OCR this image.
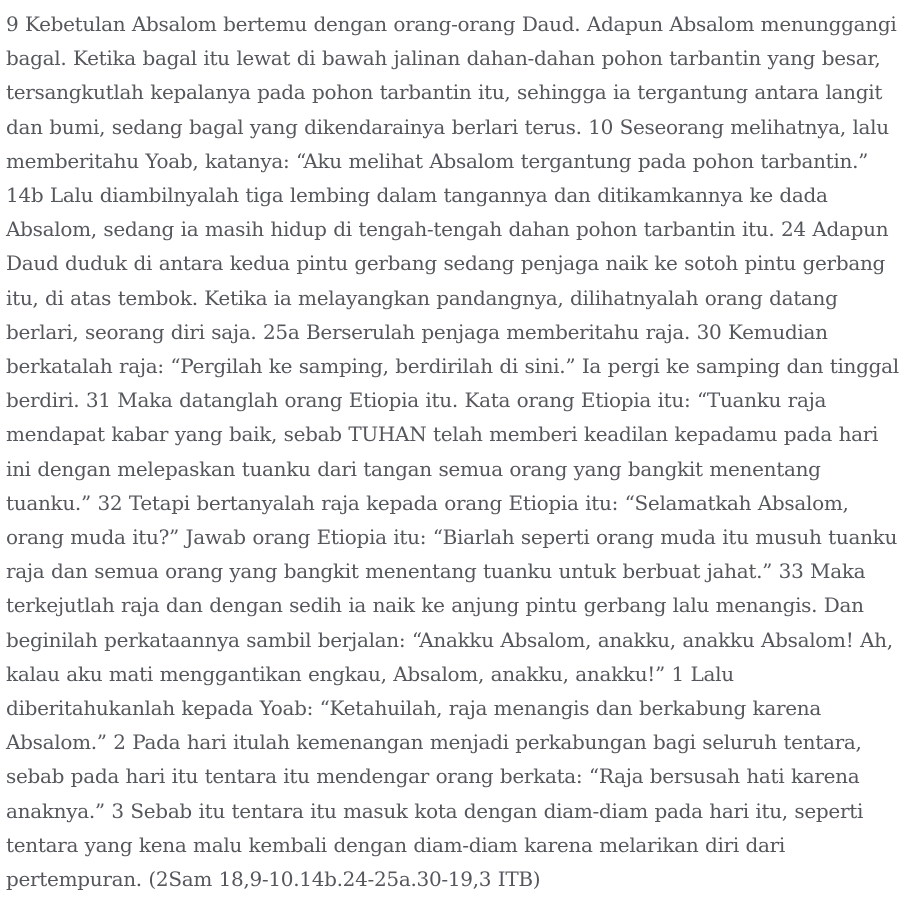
9 Kebetulan Absalom bertemu dengan orang-orang Daud. Adapun Absalom menunggangi bagal. Ketika bagal itu lewat di bawah jalinan dahan-dahan pohon tarbantin yang besar, tersangkutlah kepalanya pada pohon tarbantin itu, sehingga ia tergantung antara langit dan bumi, sedang bagal yang dikendarainya berlari terus. 10 Seseorang melihatnya, lalu memberitahu Yoab, katanya: “Aku melihat Absalom tergantung pada pohon tarbantin.” 14b Lalu diambilnyalah tiga lembing dalam tangannya dan ditikamkannya ke dada Absalom, sedang ia masih hidup di tengah-tengah dahan pohon tarbantin itu. 24 Adapun Daud duduk di antara kedua pintu gerbang sedang penjaga naik ke sotoh pintu gerbang itu, di atas tembok. Ketika ia melayangkan pandangnya, dilihatnyalah orang datang berlari, seorang diri saja. 25a Berserulah penjaga memberitahu raja. 30 Kemudian berkatalah raja: “Pergilah ke samping, berdirilah di sini.” Ia pergi ke samping dan tinggal berdiri. 31 Maka datanglah orang Etiopia itu. Kata orang Etiopia itu: “Tuanku raja mendapat kabar yang baik, sebab TUHAN telah memberi keadilan kepadamu pada hari ini dengan melepaskan tuanku dari tangan semua orang yang bangkit menentang tuanku.” 32 Tetapi bertanyalah raja kepada orang Etiopia itu: “Selamatkah Absalom, orang muda itu?” Jawab orang Etiopia itu: “Biarlah seperti orang muda itu musuh tuanku raja dan semua orang yang bangkit menentang tuanku untuk berbuat jahat.” 33 Maka terkejutlah raja dan dengan sedih ia naik ke anjung pintu gerbang lalu menangis. Dan beginilah perkataannya sambil berjalan: “Anakku Absalom, anakku, anakku Absalom! Ah, kalau aku mati menggantikan engkau, Absalom, anakku, anakku!” 1 Lalu diberitahukanlah kepada Yoab: “Ketahuilah, raja menangis dan berkabung karena Absalom.” 2 Pada hari itulah kemenangan menjadi perkabungan bagi seluruh tentara, sebab pada hari itu tentara itu mendengar orang berkata: “Raja bersusah hati karena anaknya.” 3 Sebab itu tentara itu masuk kota dengan diam-diam pada hari itu, seperti tentara yang kena malu kembali dengan diam-diam karena melarikan diri dari pertempuran. (2Sam 18,9-10.14b.24-25a.30-19,3 ITB)
